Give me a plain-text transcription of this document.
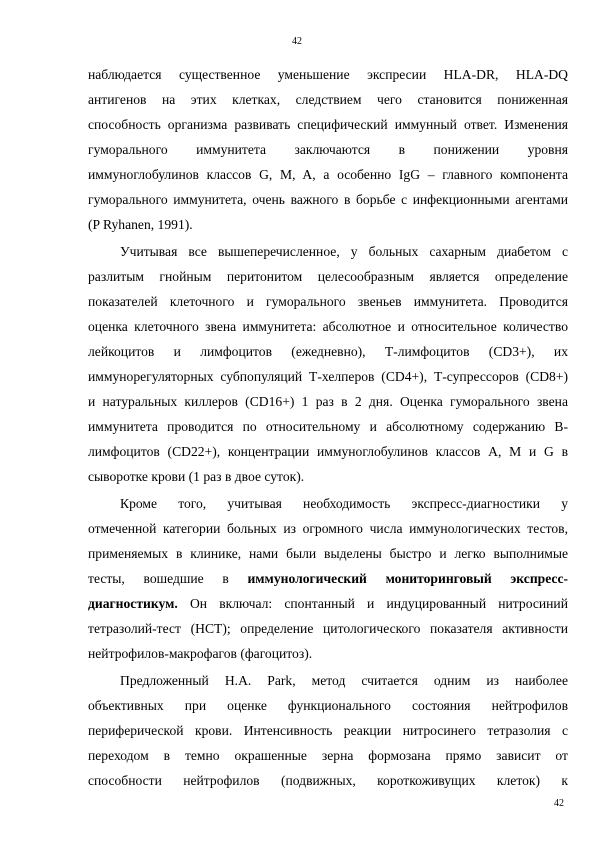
42
наблюдается существенное уменьшение экспресии HLA-DR, HLA-DQ
антигенов на этих клетках, следствием чего становится пониженная
способность организма развивать специфический иммунный ответ. Изменения
гуморального иммунитета заключаются в понижении уровня
иммуноглобулинов классов G, M, A, а особенно IgG – главного компонента
гуморального иммунитета, очень важного в борьбе с инфекционными агентами
(P Ryhanen, 1991).
Учитывая все вышеперечисленное, у больных сахарным диабетом с
разлитым гнойным перитонитом целесообразным является определение
показателей клеточного и гуморального звеньев иммунитета. Проводится
оценка клеточного звена иммунитета: абсолютное и относительное количество
лейкоцитов и лимфоцитов (ежедневно), Т-лимфоцитов (CD3+), их
иммунорегуляторных субпопуляций Т-хелперов (CD4+), Т-супрессоров (CD8+)
и натуральных киллеров (CD16+) 1 раз в 2 дня. Оценка гуморального звена
иммунитета проводится по относительному и абсолютному содержанию В-
лимфоцитов (CD22+), концентрации иммуноглобулинов классов A, M и G в
сыворотке крови (1 раз в двое суток).
Кроме того, учитывая необходимость экспресс-диагностики у
отмеченной категории больных из огромного числа иммунологических тестов,
применяемых в клинике, нами были выделены быстро и легко выполнимые
тесты, вошедшие в иммунологический мониторинговый экспресс-
диагностикум. Он включал: спонтанный и индуцированный нитросиний
тетразолий-тест (НСТ); определение цитологического показателя активности
нейтрофилов-макрофагов (фагоцитоз).
Предложенный Н.А. Park, метод считается одним из наиболее
объективных при оценке функционального состояния нейтрофилов
периферической крови. Интенсивность реакции нитросинего тетразолия с
переходом в темно окрашенные зерна формозана прямо зависит от
способности нейтрофилов (подвижных, короткоживущих клеток) к
42
